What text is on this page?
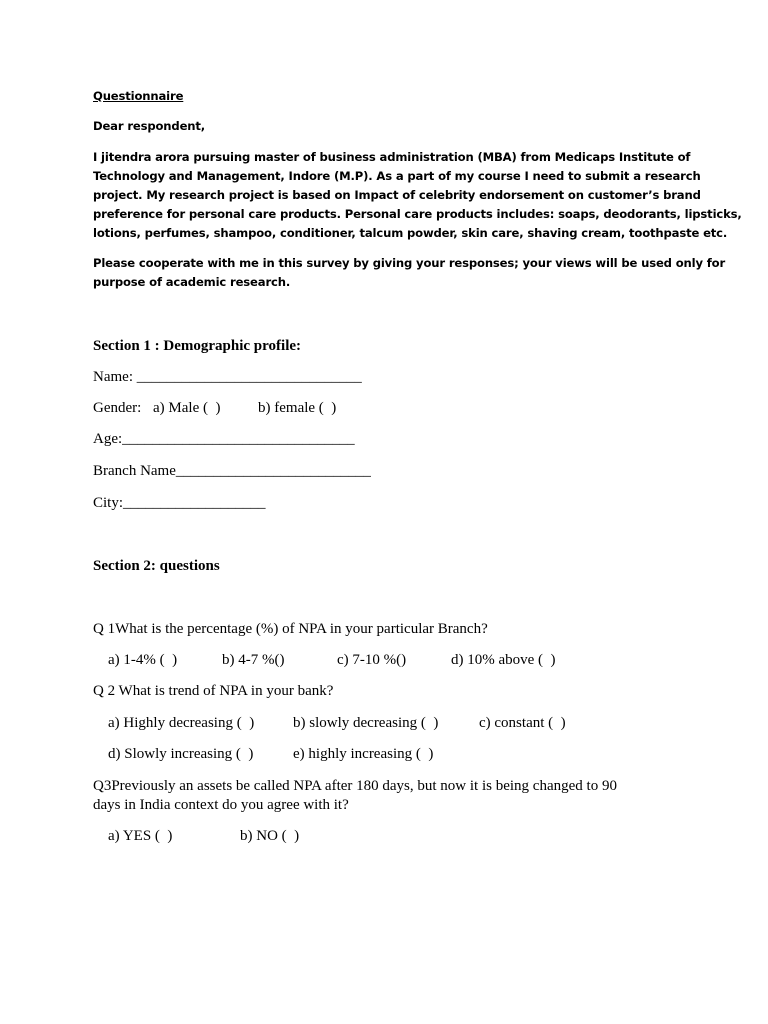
Questionnaire
Dear respondent,
I jitendra arora pursuing master of business administration (MBA) from Medicaps Institute of
Technology and Management, Indore (M.P). As a part of my course I need to submit a research
project. My research project is based on Impact of celebrity endorsement on customer’s brand
preference for personal care products. Personal care products includes: soaps, deodorants, lipsticks,
lotions, perfumes, shampoo, conditioner, talcum powder, skin care, shaving cream, toothpaste etc.
Please cooperate with me in this survey by giving your responses; your views will be used only for
purpose of academic research.
Section 1 : Demographic profile:
Name: ______________________________
Gender: a) Male (  )	b) female (  )
Age:_______________________________
Branch Name__________________________
City:___________________
Section 2: questions
Q 1What is the percentage (%) of NPA in your particular Branch?
a) 1-4% (  )	b) 4-7 %()	c) 7-10 %()	d) 10% above (  )
Q 2 What is trend of NPA in your bank?
a) Highly decreasing (  )	b) slowly decreasing (  )	c) constant (  )
d) Slowly increasing (  )	e) highly increasing (  )
Q3Previously an assets be called NPA after 180 days, but now it is being changed to 90
days in India context do you agree with it?
a) YES (  )	b) NO (  )
